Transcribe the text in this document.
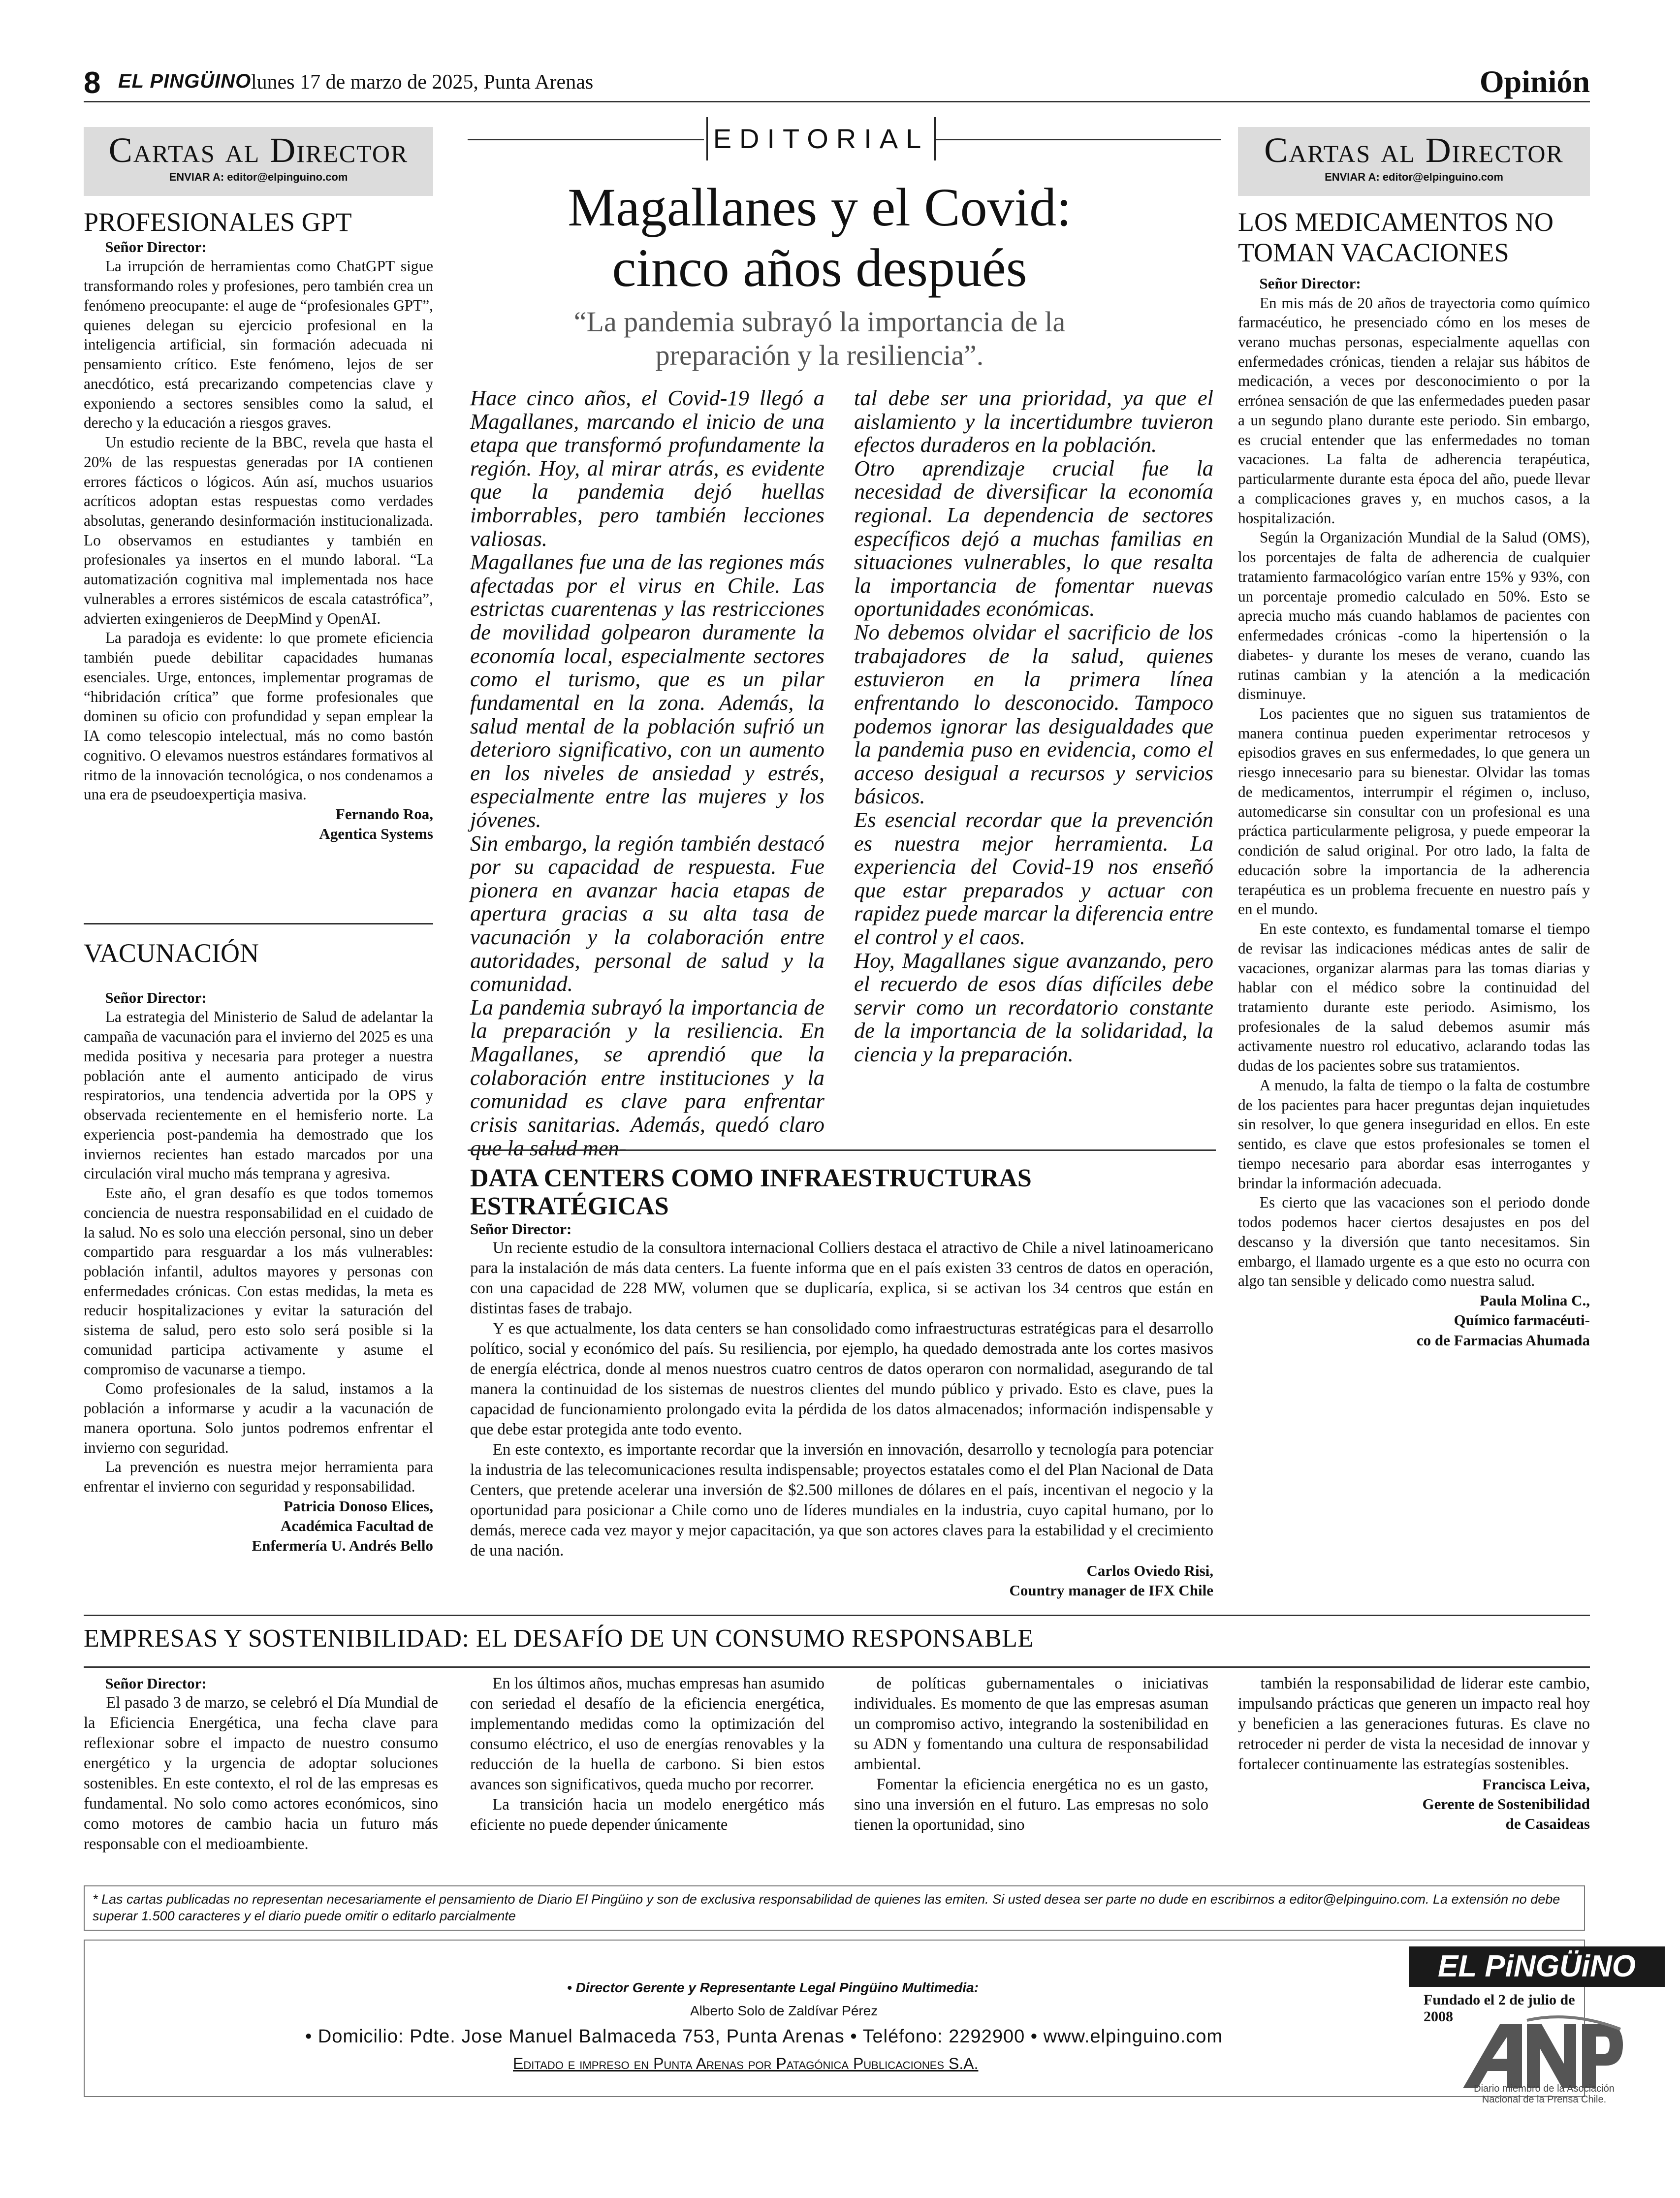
8 EL PINGÜINO lunes 17 de marzo de 2025, Punta Arenas	Opinión
Cartas al Director
ENVIAR A: editor@elpinguino.com
PROFESIONALES GPT

Señor Director:

La irrupción de herramientas como ChatGPT sigue transformando roles y profesiones, pero también crea un fenómeno preocupante: el auge de “profesionales GPT”, quienes delegan su ejercicio profesional en la inteligencia artificial, sin formación adecuada ni pensamiento crítico. Este fenómeno, lejos de ser anecdótico, está precarizando competencias clave y exponiendo a sectores sensibles como la salud, el derecho y la educación a riesgos graves.

Un estudio reciente de la BBC, revela que hasta el 20% de las respuestas generadas por IA contienen errores fácticos o lógicos. Aún así, muchos usuarios acríticos adoptan estas respuestas como verdades absolutas, generando desinformación institucionalizada. Lo observamos en estudiantes y también en profesionales ya insertos en el mundo laboral. “La automatización cognitiva mal implementada nos hace vulnerables a errores sistémicos de escala catastrófica”, advierten exingenieros de DeepMind y OpenAI.

La paradoja es evidente: lo que promete eficiencia también puede debilitar capacidades humanas esenciales. Urge, entonces, implementar programas de “hibridación crítica” que forme profesionales que dominen su oficio con profundidad y sepan emplear la IA como telescopio intelectual, más no como bastón cognitivo. O elevamos nuestros estándares formativos al ritmo de la innovación tecnológica, o nos condenamos a una era de pseudoexpertiçia masiva.

Fernando Roa,
Agentica Systems
VACUNACIÓN

Señor Director:

La estrategia del Ministerio de Salud de adelantar la campaña de vacunación para el invierno del 2025 es una medida positiva y necesaria para proteger a nuestra población ante el aumento anticipado de virus respiratorios, una tendencia advertida por la OPS y observada recientemente en el hemisferio norte. La experiencia post-pandemia ha demostrado que los inviernos recientes han estado marcados por una circulación viral mucho más temprana y agresiva.

Este año, el gran desafío es que todos tomemos conciencia de nuestra responsabilidad en el cuidado de la salud. No es solo una elección personal, sino un deber compartido para resguardar a los más vulnerables: población infantil, adultos mayores y personas con enfermedades crónicas. Con estas medidas, la meta es reducir hospitalizaciones y evitar la saturación del sistema de salud, pero esto solo será posible si la comunidad participa activamente y asume el compromiso de vacunarse a tiempo.

Como profesionales de la salud, instamos a la población a informarse y acudir a la vacunación de manera oportuna. Solo juntos podremos enfrentar el invierno con seguridad.

La prevención es nuestra mejor herramienta para enfrentar el invierno con seguridad y responsabilidad.

Patricia Donoso Elices,
Académica Facultad de
Enfermería U. Andrés Bello
EDITORIAL
Magallanes y el Covid:
cinco años después
“La pandemia subrayó la importancia de la
preparación y la resiliencia”.

Hace cinco años, el Covid-19 llegó a Magallanes, marcando el inicio de una etapa que transformó profundamente la región. Hoy, al mirar atrás, es evidente que la pandemia dejó huellas imborrables, pero también lecciones valiosas.

Magallanes fue una de las regiones más afectadas por el virus en Chile. Las estrictas cuarentenas y las restricciones de movilidad golpearon duramente la economía local, especialmente sectores como el turismo, que es un pilar fundamental en la zona. Además, la salud mental de la población sufrió un deterioro significativo, con un aumento en los niveles de ansiedad y estrés, especialmente entre las mujeres y los jóvenes.

Sin embargo, la región también destacó por su capacidad de respuesta. Fue pionera en avanzar hacia etapas de apertura gracias a su alta tasa de vacunación y la colaboración entre autoridades, personal de salud y la comunidad.

La pandemia subrayó la importancia de la preparación y la resiliencia. En Magallanes, se aprendió que la colaboración entre instituciones y la comunidad es clave para enfrentar crisis sanitarias. Además, quedó claro que la salud men-

tal debe ser una prioridad, ya que el aislamiento y la incertidumbre tuvieron efectos duraderos en la población.

Otro aprendizaje crucial fue la necesidad de diversificar la economía regional. La dependencia de sectores específicos dejó a muchas familias en situaciones vulnerables, lo que resalta la importancia de fomentar nuevas oportunidades económicas.

No debemos olvidar el sacrificio de los trabajadores de la salud, quienes estuvieron en la primera línea enfrentando lo desconocido. Tampoco podemos ignorar las desigualdades que la pandemia puso en evidencia, como el acceso desigual a recursos y servicios básicos.

Es esencial recordar que la prevención es nuestra mejor herramienta. La experiencia del Covid-19 nos enseñó que estar preparados y actuar con rapidez puede marcar la diferencia entre el control y el caos.

Hoy, Magallanes sigue avanzando, pero el recuerdo de esos días difíciles debe servir como un recordatorio constante de la importancia de la solidaridad, la ciencia y la preparación.

DATA CENTERS COMO INFRAESTRUCTURAS ESTRATÉGICAS

Señor Director:

Un reciente estudio de la consultora internacional Colliers destaca el atractivo de Chile a nivel latinoamericano para la instalación de más data centers. La fuente informa que en el país existen 33 centros de datos en operación, con una capacidad de 228 MW, volumen que se duplicaría, explica, si se activan los 34 centros que están en distintas fases de trabajo.

Y es que actualmente, los data centers se han consolidado como infraestructuras estratégicas para el desarrollo político, social y económico del país. Su resiliencia, por ejemplo, ha quedado demostrada ante los cortes masivos de energía eléctrica, donde al menos nuestros cuatro centros de datos operaron con normalidad, asegurando de tal manera la continuidad de los sistemas de nuestros clientes del mundo público y privado. Esto es clave, pues la capacidad de funcionamiento prolongado evita la pérdida de los datos almacenados; información indispensable y que debe estar protegida ante todo evento.

En este contexto, es importante recordar que la inversión en innovación, desarrollo y tecnología para potenciar la industria de las telecomunicaciones resulta indispensable; proyectos estatales como el del Plan Nacional de Data Centers, que pretende acelerar una inversión de $2.500 millones de dólares en el país, incentivan el negocio y la oportunidad para posicionar a Chile como uno de líderes mundiales en la industria, cuyo capital humano, por lo demás, merece cada vez mayor y mejor capacitación, ya que son actores claves para la estabilidad y el crecimiento de una nación.

Carlos Oviedo Risi,
Country manager de IFX Chile
Cartas al Director
ENVIAR A: editor@elpinguino.com
LOS MEDICAMENTOS NO
TOMAN VACACIONES

Señor Director:

En mis más de 20 años de trayectoria como químico farmacéutico, he presenciado cómo en los meses de verano muchas personas, especialmente aquellas con enfermedades crónicas, tienden a relajar sus hábitos de medicación, a veces por desconocimiento o por la errónea sensación de que las enfermedades pueden pasar a un segundo plano durante este periodo. Sin embargo, es crucial entender que las enfermedades no toman vacaciones. La falta de adherencia terapéutica, particularmente durante esta época del año, puede llevar a complicaciones graves y, en muchos casos, a la hospitalización.

Según la Organización Mundial de la Salud (OMS), los porcentajes de falta de adherencia de cualquier tratamiento farmacológico varían entre 15% y 93%, con un porcentaje promedio calculado en 50%. Esto se aprecia mucho más cuando hablamos de pacientes con enfermedades crónicas -como la hipertensión o la diabetes- y durante los meses de verano, cuando las rutinas cambian y la atención a la medicación disminuye.

Los pacientes que no siguen sus tratamientos de manera continua pueden experimentar retrocesos y episodios graves en sus enfermedades, lo que genera un riesgo innecesario para su bienestar. Olvidar las tomas de medicamentos, interrumpir el régimen o, incluso, automedicarse sin consultar con un profesional es una práctica particularmente peligrosa, y puede empeorar la condición de salud original. Por otro lado, la falta de educación sobre la importancia de la adherencia terapéutica es un problema frecuente en nuestro país y en el mundo.

En este contexto, es fundamental tomarse el tiempo de revisar las indicaciones médicas antes de salir de vacaciones, organizar alarmas para las tomas diarias y hablar con el médico sobre la continuidad del tratamiento durante este periodo. Asimismo, los profesionales de la salud debemos asumir más activamente nuestro rol educativo, aclarando todas las dudas de los pacientes sobre sus tratamientos.

A menudo, la falta de tiempo o la falta de costumbre de los pacientes para hacer preguntas dejan inquietudes sin resolver, lo que genera inseguridad en ellos. En este sentido, es clave que estos profesionales se tomen el tiempo necesario para abordar esas interrogantes y brindar la información adecuada.

Es cierto que las vacaciones son el periodo donde todos podemos hacer ciertos desajustes en pos del descanso y la diversión que tanto necesitamos. Sin embargo, el llamado urgente es a que esto no ocurra con algo tan sensible y delicado como nuestra salud.

Paula Molina C.,
Químico farmacéuti-
co de Farmacias Ahumada
EMPRESAS Y SOSTENIBILIDAD: EL DESAFÍO DE UN CONSUMO RESPONSABLE

Señor Director:

El pasado 3 de marzo, se celebró el Día Mundial de la Eficiencia Energética, una fecha clave para reflexionar sobre el impacto de nuestro consumo energético y la urgencia de adoptar soluciones sostenibles. En este contexto, el rol de las empresas es fundamental. No solo como actores económicos, sino como motores de cambio hacia un futuro más responsable con el medioambiente.

En los últimos años, muchas empresas han asumido con seriedad el desafío de la eficiencia energética, implementando medidas como la optimización del consumo eléctrico, el uso de energías renovables y la reducción de la huella de carbono. Si bien estos avances son significativos, queda mucho por recorrer.

La transición hacia un modelo energético más eficiente no puede depender únicamente

de políticas gubernamentales o iniciativas individuales. Es momento de que las empresas asuman un compromiso activo, integrando la sostenibilidad en su ADN y fomentando una cultura de responsabilidad ambiental.

Fomentar la eficiencia energética no es un gasto, sino una inversión en el futuro. Las empresas no solo tienen la oportunidad, sino

también la responsabilidad de liderar este cambio, impulsando prácticas que generen un impacto real hoy y beneficien a las generaciones futuras. Es clave no retroceder ni perder de vista la necesidad de innovar y fortalecer continuamente las estrategías sostenibles.

Francisca Leiva,
Gerente de Sostenibilidad
de Casaideas
* Las cartas publicadas no representan necesariamente el pensamiento de Diario El Pingüino y son de exclusiva responsabilidad de quienes las emiten. Si usted desea ser parte no dude en escribirnos a editor@elpinguino.com. La extensión no debe superar 1.500 caracteres y el diario puede omitir o editarlo parcialmente
• Director Gerente y Representante Legal Pingüino Multimedia:
Alberto Solo de Zaldívar Pérez
• Domicilio: Pdte. Jose Manuel Balmaceda 753, Punta Arenas • Teléfono: 2292900 • www.elpinguino.com
Editado e impreso en Punta Arenas por Patagónica Publicaciones S.A.
EL PiNGÜiNO
Fundado el 2 de julio de 2008
Diario miembro de la Asociación Nacional de la Prensa Chile.
